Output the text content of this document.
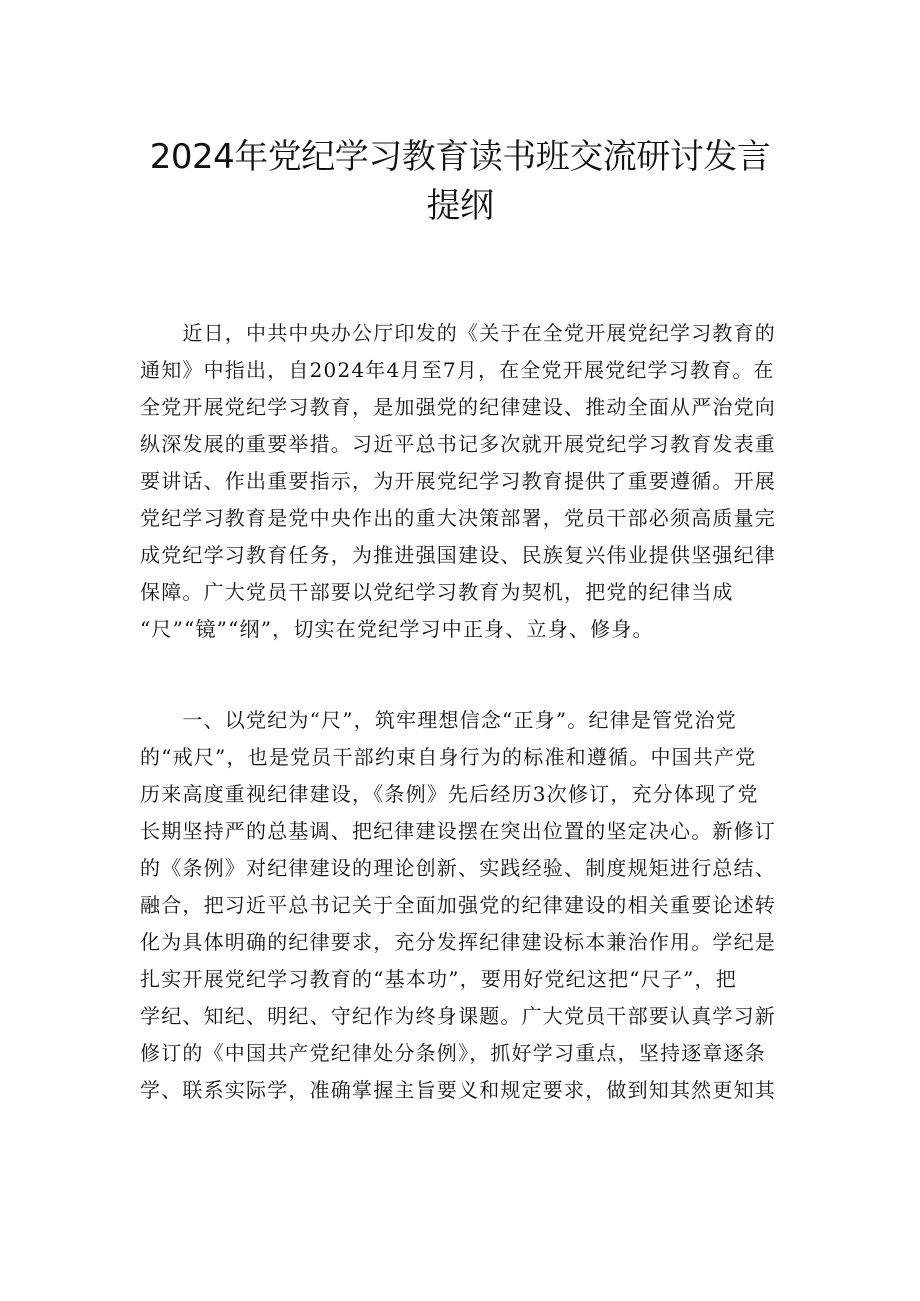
2024年党纪学习教育读书班交流研讨发言
提纲
　　近日，中共中央办公厅印发的《关于在全党开展党纪学习教育的
通知》中指出，自2024年4月至7月，在全党开展党纪学习教育。在
全党开展党纪学习教育，是加强党的纪律建设、推动全面从严治党向
纵深发展的重要举措。习近平总书记多次就开展党纪学习教育发表重
要讲话、作出重要指示，为开展党纪学习教育提供了重要遵循。开展
党纪学习教育是党中央作出的重大决策部署，党员干部必须高质量完
成党纪学习教育任务，为推进强国建设、民族复兴伟业提供坚强纪律
保障。广大党员干部要以党纪学习教育为契机，把党的纪律当成
“尺”“镜”“纲”，切实在党纪学习中正身、立身、修身。
　　一、以党纪为“尺”，筑牢理想信念“正身”。纪律是管党治党
的“戒尺”，也是党员干部约束自身行为的标准和遵循。中国共产党
历来高度重视纪律建设，《条例》先后经历3次修订，充分体现了党
长期坚持严的总基调、把纪律建设摆在突出位置的坚定决心。新修订
的《条例》对纪律建设的理论创新、实践经验、制度规矩进行总结、
融合，把习近平总书记关于全面加强党的纪律建设的相关重要论述转
化为具体明确的纪律要求，充分发挥纪律建设标本兼治作用。学纪是
扎实开展党纪学习教育的“基本功”，要用好党纪这把“尺子”，把
学纪、知纪、明纪、守纪作为终身课题。广大党员干部要认真学习新
修订的《中国共产党纪律处分条例》，抓好学习重点，坚持逐章逐条
学、联系实际学，准确掌握主旨要义和规定要求，做到知其然更知其
